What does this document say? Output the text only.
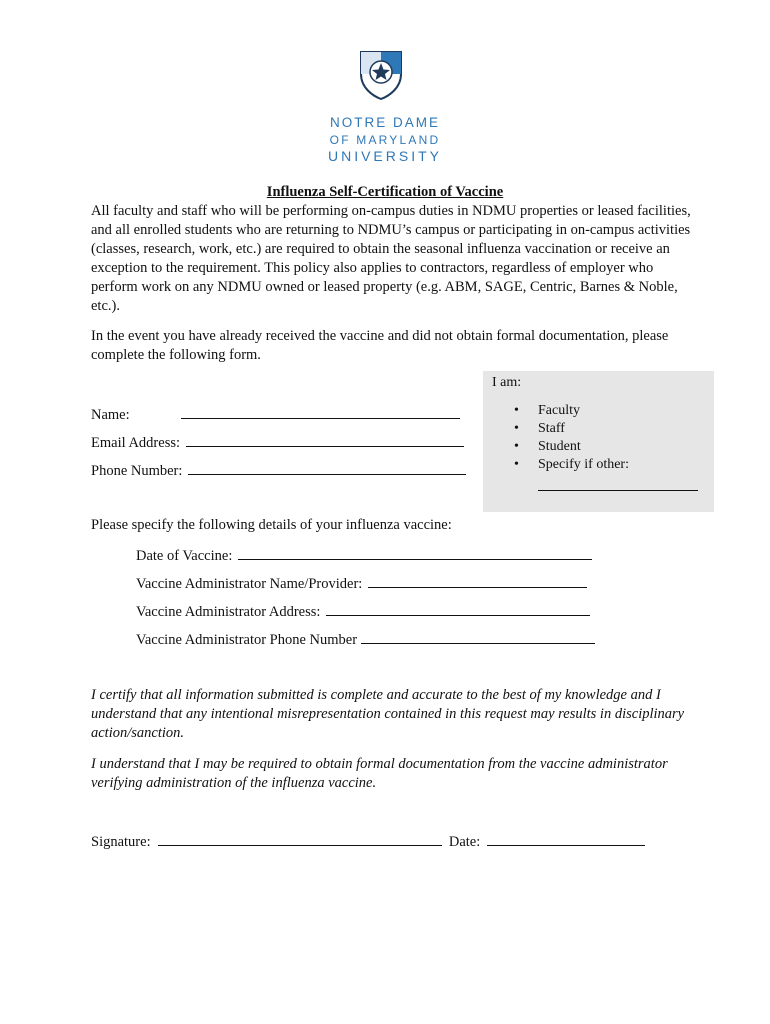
NOTRE DAME
OF MARYLAND
UNIVERSITY
Influenza Self-Certification of Vaccine
All faculty and staff who will be performing on-campus duties in NDMU properties or leased facilities, and all enrolled students who are returning to NDMU’s campus or participating in on-campus activities (classes, research, work, etc.) are required to obtain the seasonal influenza vaccination or receive an exception to the requirement. This policy also applies to contractors, regardless of employer who perform work on any NDMU owned or leased property (e.g. ABM, SAGE, Centric, Barnes & Noble, etc.).
In the event you have already received the vaccine and did not obtain formal documentation, please complete the following form.
Name:
Email Address:
Phone Number:
I am:
• Faculty
• Staff
• Student
• Specify if other:
Please specify the following details of your influenza vaccine:
Date of Vaccine:
Vaccine Administrator Name/Provider:
Vaccine Administrator Address:
Vaccine Administrator Phone Number
I certify that all information submitted is complete and accurate to the best of my knowledge and I understand that any intentional misrepresentation contained in this request may results in disciplinary action/sanction.
I understand that I may be required to obtain formal documentation from the vaccine administrator verifying administration of the influenza vaccine.
Signature:	Date:
